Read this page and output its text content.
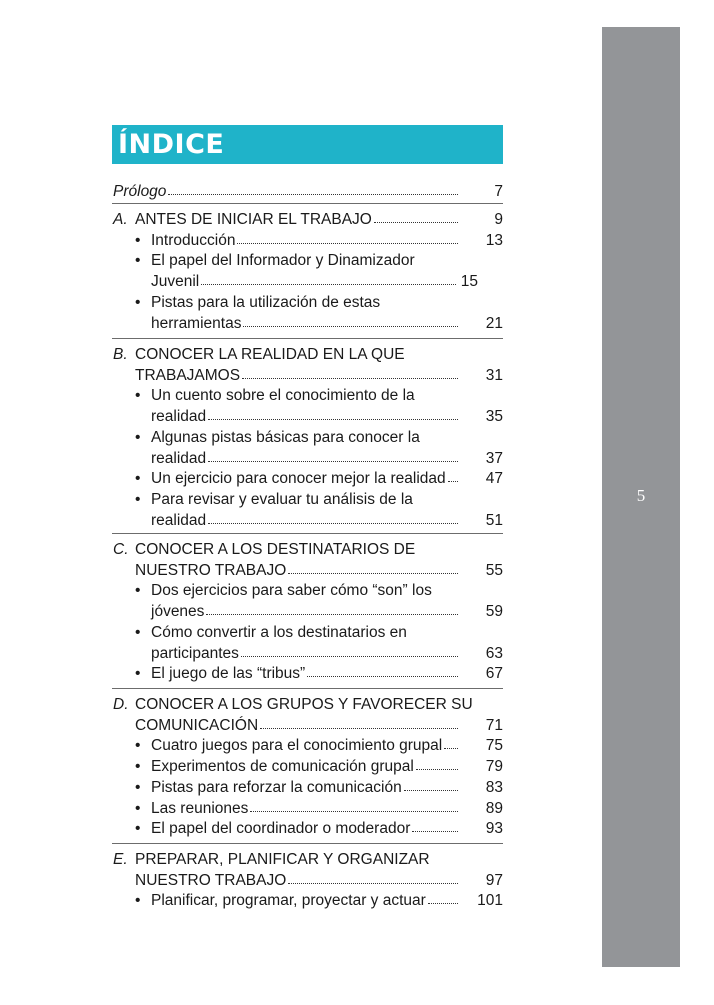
5
ÍNDICE
Prólogo	7
A. ANTES DE INICIAR EL TRABAJO	9
• Introducción	13
• El papel del Informador y Dinamizador
Juvenil	15
• Pistas para la utilización de estas
herramientas	21
B. CONOCER LA REALIDAD EN LA QUE
TRABAJAMOS	31
• Un cuento sobre el conocimiento de la
realidad	35
• Algunas pistas básicas para conocer la
realidad	37
• Un ejercicio para conocer mejor la realidad	47
• Para revisar y evaluar tu análisis de la
realidad	51
C. CONOCER A LOS DESTINATARIOS DE
NUESTRO TRABAJO	55
• Dos ejercicios para saber cómo “son” los
jóvenes	59
• Cómo convertir a los destinatarios en
participantes	63
• El juego de las “tribus”	67
D. CONOCER A LOS GRUPOS Y FAVORECER SU
COMUNICACIÓN	71
• Cuatro juegos para el conocimiento grupal	75
• Experimentos de comunicación grupal	79
• Pistas para reforzar la comunicación	83
• Las reuniones	89
• El papel del coordinador o moderador	93
E. PREPARAR, PLANIFICAR Y ORGANIZAR
NUESTRO TRABAJO	97
• Planificar, programar, proyectar y actuar	101
